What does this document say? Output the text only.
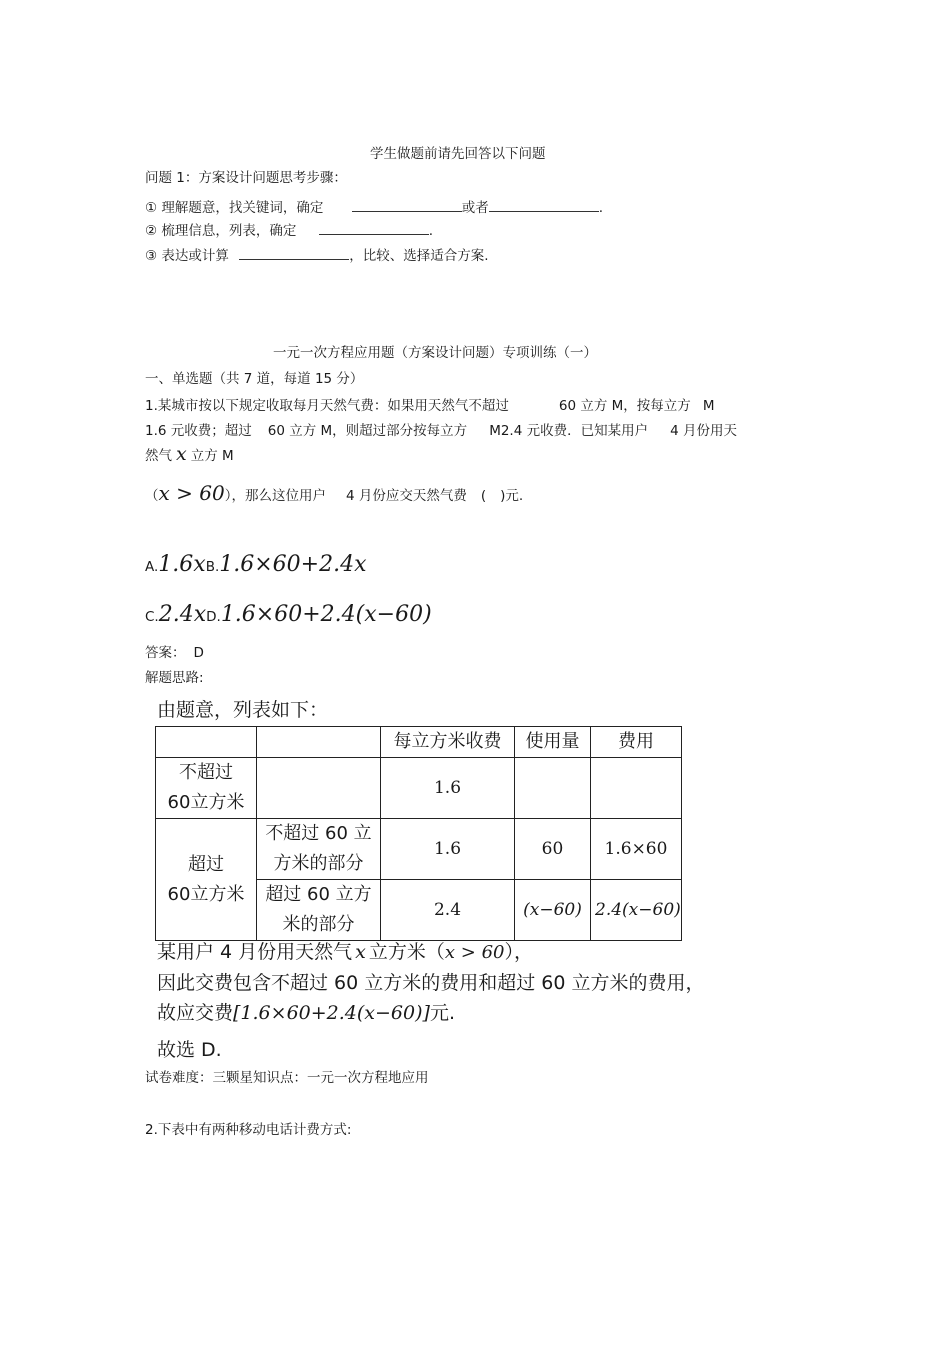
学生做题前请先回答以下问题
问题 1：方案设计问题思考步骤：
① 理解题意，找关键词，确定	或者	.
② 梳理信息，列表，确定	.
③ 表达或计算	，比较、选择适合方案.
一元一次方程应用题（方案设计问题）专项训练（一）
一、单选题（共 7 道，每道 15 分）
1.某城市按以下规定收取每月天然气费：如果用天然气不超过	60 立方 M，按每立方 M
1.6 元收费；超过 60 立方 M，则超过部分按每立方 M2.4 元收费．已知某用户 4 月份用天
然气 x 立方 M
（x > 60），那么这位用户 4 月份应交天然气费 ( )元.
A.1.6xB.1.6×60+2.4x
C.2.4xD.1.6×60+2.4(x−60)
答案： D
解题思路:
由题意，列表如下：
		每立方米收费	使用量	费用
不超过
60立方米		1.6		
超过
60立方米	不超过 60 立
方米的部分	1.6	60	1.6×60
	超过 60 立方
米的部分	2.4	(x−60)	2.4(x−60)
某用户 4 月份用天然气 x 立方米（x > 60），
因此交费包含不超过 60 立方米的费用和超过 60 立方米的费用，
故应交费[1.6×60+2.4(x−60)]元.
故选 D.
试卷难度：三颗星知识点：一元一次方程地应用
2.下表中有两种移动电话计费方式:
